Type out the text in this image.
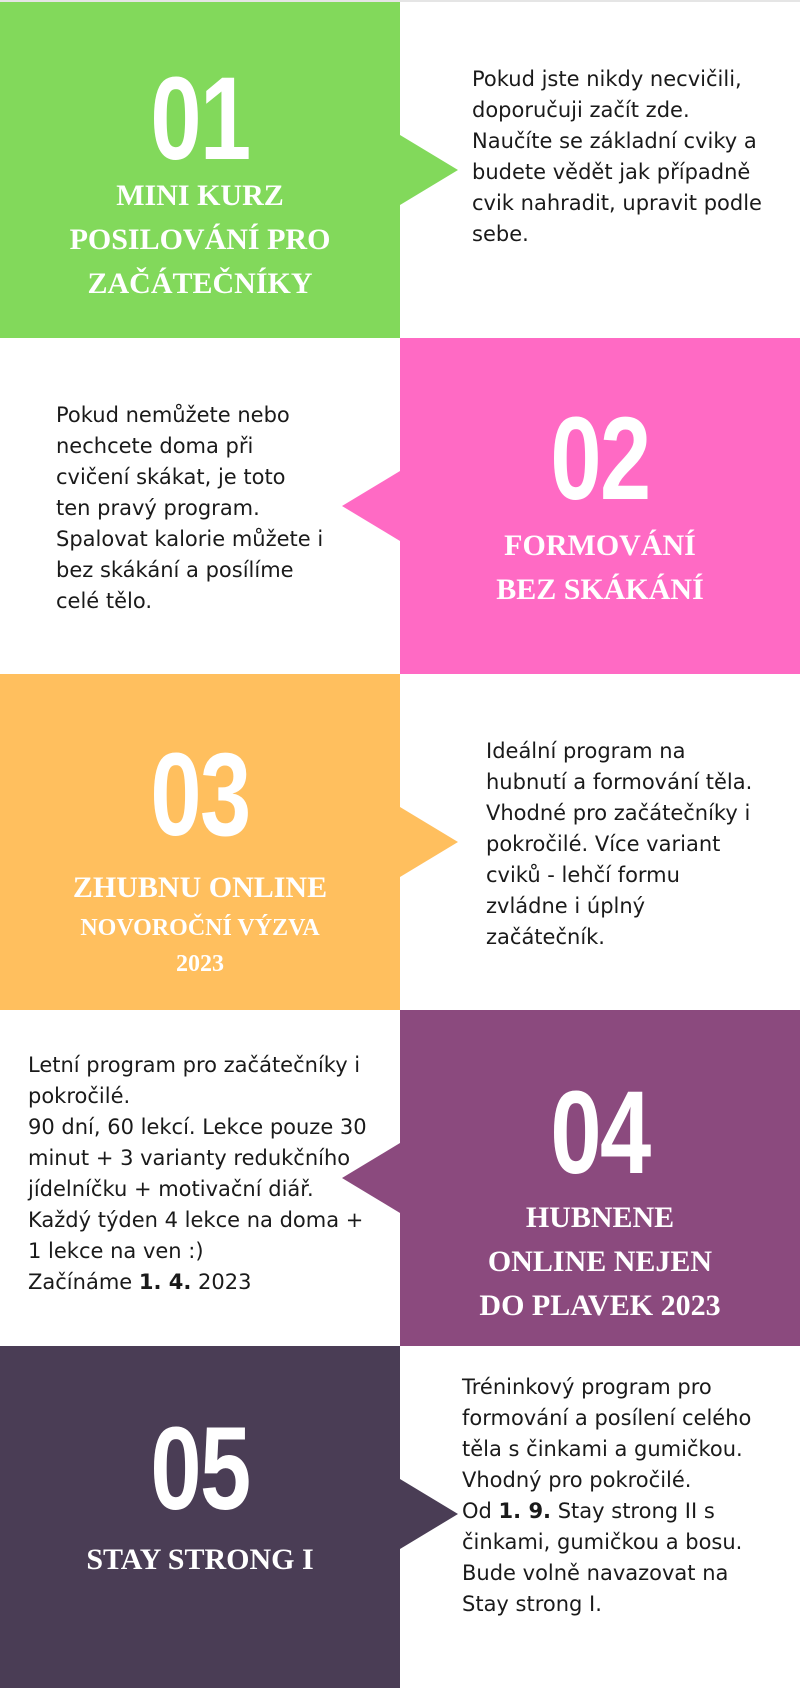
01
MINI KURZ
POSILOVÁNÍ PRO
ZAČÁTEČNÍKY

Pokud jste nikdy necvičili, doporučuji začít zde. Naučíte se základní cviky a budete vědět jak případně cvik nahradit, upravit podle sebe.

02
FORMOVÁNÍ
BEZ SKÁKÁNÍ

Pokud nemůžete nebo nechcete doma při cvičení skákat, je toto ten pravý program. Spalovat kalorie můžete i bez skákání a posílíme celé tělo.

03
ZHUBNU ONLINE
NOVOROČNÍ VÝZVA
2023

Ideální program na hubnutí a formování těla. Vhodné pro začátečníky i pokročilé. Více variant cviků - lehčí formu zvládne i úplný začátečník.

04
HUBNENE
ONLINE NEJEN
DO PLAVEK 2023
Letní program pro začátečníky i pokročilé.
90 dní, 60 lekcí. Lekce pouze 30 minut + 3 varianty redukčního jídelníčku + motivační diář.
Každý týden 4 lekce na doma + 1 lekce na ven :)
Začínáme 1. 4. 2023
05
STAY STRONG I
Tréninkový program pro formování a posílení celého těla s činkami a gumičkou. Vhodný pro pokročilé.
Od 1. 9. Stay strong II s činkami, gumičkou a bosu. Bude volně navazovat na Stay strong I.
